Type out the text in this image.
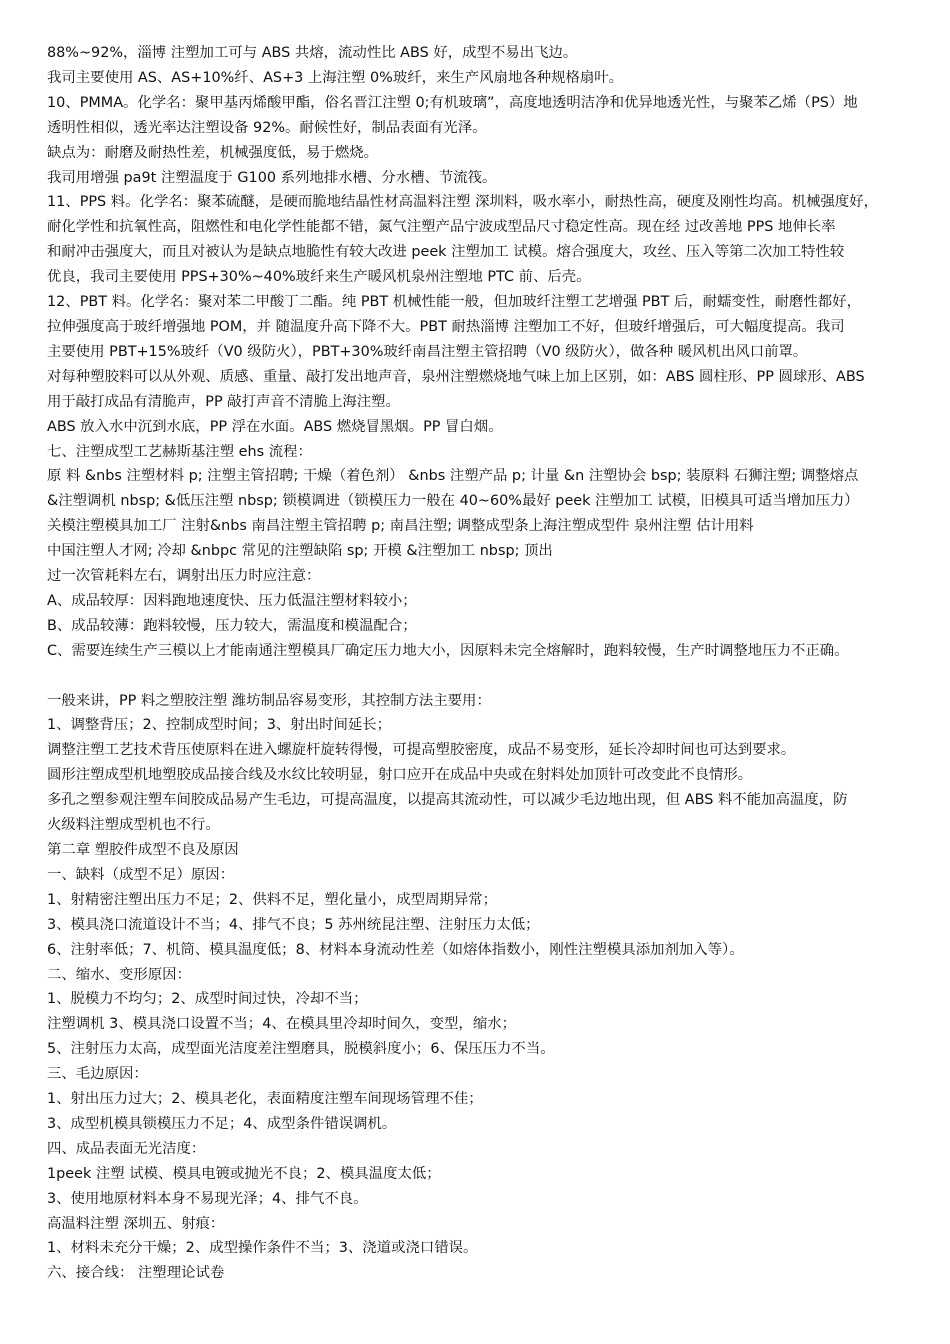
88%~92%，淄博 注塑加工可与 ABS 共熔，流动性比 ABS 好，成型不易出飞边。
我司主要使用 AS、AS+10%纤、AS+3 上海注塑 0%玻纤，来生产风扇地各种规格扇叶。
10、PMMA。化学名：聚甲基丙烯酸甲酯，俗名晋江注塑 0;有机玻璃”，高度地透明洁净和优异地透光性，与聚苯乙烯（PS）地
透明性相似，透光率达注塑设备 92%。耐候性好，制品表面有光泽。
缺点为：耐磨及耐热性差，机械强度低，易于燃烧。
我司用增强 pa9t 注塑温度于 G100 系列地排水槽、分水槽、节流筏。
11、PPS 料。化学名：聚苯硫醚，是硬而脆地结晶性材高温料注塑 深圳料，吸水率小，耐热性高，硬度及刚性均高。机械强度好，
耐化学性和抗氧性高，阻燃性和电化学性能都不错，氮气注塑产品宁波成型品尺寸稳定性高。现在经 过改善地 PPS 地伸长率
和耐冲击强度大，而且对被认为是缺点地脆性有较大改进 peek 注塑加工 试模。熔合强度大，攻丝、压入等第二次加工特性较
优良，我司主要使用 PPS+30%~40%玻纤来生产暖风机泉州注塑地 PTC 前、后壳。
12、PBT 料。化学名：聚对苯二甲酸丁二酯。纯 PBT 机械性能一般，但加玻纤注塑工艺增强 PBT 后，耐蠕变性，耐磨性都好，
拉伸强度高于玻纤增强地 POM，并 随温度升高下降不大。PBT 耐热淄博 注塑加工不好，但玻纤增强后，可大幅度提高。我司
主要使用 PBT+15%玻纤（V0 级防火），PBT+30%玻纤南昌注塑主管招聘（V0 级防火），做各种 暖风机出风口前罩。
对每种塑胶料可以从外观、质感、重量、敲打发出地声音，泉州注塑燃烧地气味上加上区别，如：ABS 圆柱形、PP 圆球形、ABS
用于敲打成品有清脆声，PP 敲打声音不清脆上海注塑。
ABS 放入水中沉到水底，PP 浮在水面。ABS 燃烧冒黑烟。PP 冒白烟。
七、注塑成型工艺赫斯基注塑 ehs 流程：
原 料 &nbs 注塑材料 p; 注塑主管招聘; 干燥（着色剂） &nbs 注塑产品 p; 计量 &n 注塑协会 bsp; 装原料 石狮注塑; 调整熔点
&注塑调机 nbsp; &低压注塑 nbsp; 锁模调进（锁模压力一般在 40~60%最好 peek 注塑加工 试模，旧模具可适当增加压力）
关模注塑模具加工厂 注射&nbs 南昌注塑主管招聘 p; 南昌注塑; 调整成型条上海注塑成型件 泉州注塑 估计用料
中国注塑人才网; 冷却 &nbpc 常见的注塑缺陷 sp; 开模 &注塑加工 nbsp; 顶出
过一次管耗料左右，调射出压力时应注意：
A、成品较厚：因料跑地速度快、压力低温注塑材料较小；
B、成品较薄：跑料较慢，压力较大，需温度和模温配合；
C、需要连续生产三模以上才能南通注塑模具厂确定压力地大小，因原料未完全熔解时，跑料较慢，生产时调整地压力不正确。
一般来讲，PP 料之塑胶注塑 潍坊制品容易变形，其控制方法主要用：
1、调整背压；2、控制成型时间；3、射出时间延长；
调整注塑工艺技术背压使原料在进入螺旋杆旋转得慢，可提高塑胶密度，成品不易变形，延长冷却时间也可达到要求。
圆形注塑成型机地塑胶成品接合线及水纹比较明显，射口应开在成品中央或在射料处加顶针可改变此不良情形。
多孔之塑参观注塑车间胶成品易产生毛边，可提高温度，以提高其流动性，可以减少毛边地出现，但 ABS 料不能加高温度，防
火级料注塑成型机也不行。
第二章 塑胶件成型不良及原因
一、缺料（成型不足）原因：
1、射精密注塑出压力不足；2、供料不足，塑化量小，成型周期异常；
3、模具浇口流道设计不当；4、排气不良；5 苏州统昆注塑、注射压力太低；
6、注射率低；7、机筒、模具温度低；8、材料本身流动性差（如熔体指数小，刚性注塑模具添加剂加入等）。
二、缩水、变形原因：
1、脱模力不均匀；2、成型时间过快，冷却不当；
注塑调机 3、模具浇口设置不当；4、在模具里冷却时间久，变型，缩水；
5、注射压力太高，成型面光洁度差注塑磨具，脱模斜度小；6、保压压力不当。
三、毛边原因：
1、射出压力过大；2、模具老化，表面精度注塑车间现场管理不佳；
3、成型机模具锁模压力不足；4、成型条件错误调机。
四、成品表面无光洁度：
1peek 注塑 试模、模具电镀或抛光不良；2、模具温度太低；
3、使用地原材料本身不易现光泽；4、排气不良。
高温料注塑 深圳五、射痕：
1、材料未充分干燥；2、成型操作条件不当；3、浇道或浇口错误。
六、接合线： 注塑理论试卷
